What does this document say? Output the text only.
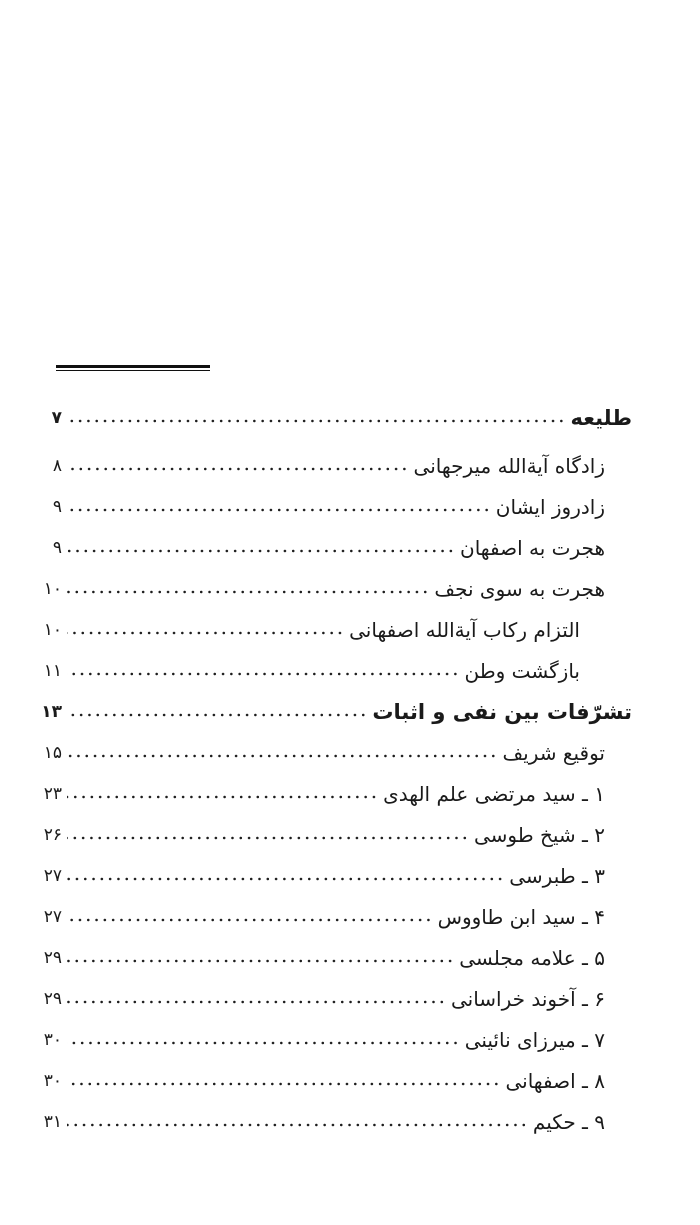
طلیعه
۷
زادگاه آیة‌الله میرجهانی
۸
زادروز ایشان
۹
هجرت به اصفهان
۹
هجرت به سوی نجف
۱۰
التزام رکاب آیة‌الله اصفهانی
۱۰
بازگشت وطن
۱۱
تشرّفات بین نفی و اثبات
۱۳
توقیع شریف
۱۵
۱ ـ سید مرتضی علم الهدی
۲۳
۲ ـ شیخ طوسی
۲۶
۳ ـ طبرسی
۲۷
۴ ـ سید ابن طاووس
۲۷
۵ ـ علامه مجلسی
۲۹
۶ ـ آخوند خراسانی
۲۹
۷ ـ میرزای نائینی
۳۰
۸ ـ اصفهانی
۳۰
۹ ـ حکیم
۳۱
